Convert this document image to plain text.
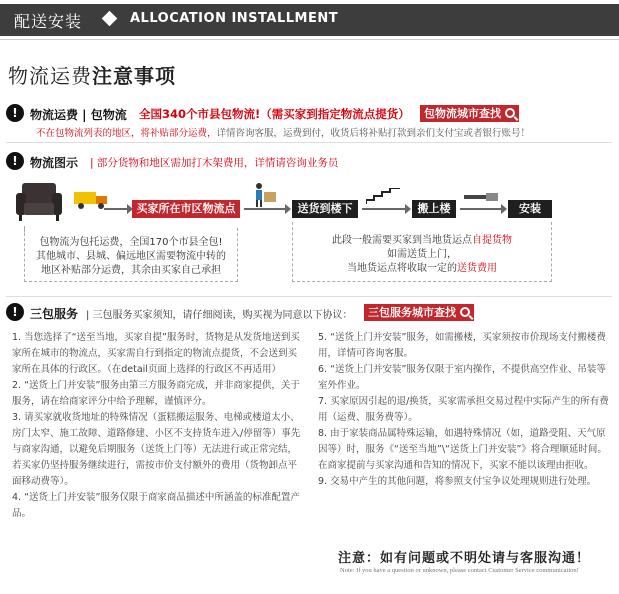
配送安装	ALLOCATION INSTALLMENT
物流运费注意事项
!	物流运费 | 包物流 全国340个市县包物流!（需买家到指定物流点提货）	包物流城市查找
不在包物流列表的地区，将补贴部分运费，详情咨询客服，运费到付，收货后将补贴打款到亲们支付宝或者银行账号！
!	物流图示 | 部分货物和地区需加打木架费用，详情请咨询业务员
买家所在市区物流点	送货到楼下	搬上楼	安装
包物流为包托运费，全国170个市县全包!
其他城市、县城、偏远地区需要物流中转的
地区补贴部分运费，其余由买家自己承担
此段一般需要买家到当地货运点自提货物
如需送货上门，
当地货运点将收取一定的送货费用
!	三包服务 | 三包服务买家须知，请仔细阅读，购买视为同意以下协议：	三包服务城市查找

1. 当您选择了“送至当地，买家自提”服务时，货物是从发货地送到买家所在城市的物流点，买家需自行到指定的物流点提货，不会送到买家所在具体的行政区。（在detail页面上选择的行政区不再适用）

2. “送货上门并安装”服务由第三方服务商完成，并非商家提供，关于服务，请在给商家评分中给予理解，谨慎评分。

3. 请买家就收货地址的特殊情况（蛋糕搬运服务、电梯或楼道太小、房门太窄、施工故障、道路修建、小区不支持货车进入/停留等）事先与商家沟通，以避免后期服务（送货上门等）无法进行或正常完结，若买家仍坚持服务继续进行，需按市价支付额外的费用（货物卸点平面移动费等）。

4. “送货上门并安装”服务仅限于商家商品描述中所涵盖的标准配置产品。

5. “送货上门并安装”服务，如需搬楼，买家须按市价现场支付搬楼费用，详情可咨询客服。

6. “送货上门并安装”服务仅限于室内操作，不提供高空作业、吊装等室外作业。

7. 买家原因引起的退/换货，买家需承担交易过程中实际产生的所有费用（运费、服务费等）。

8. 由于家装商品属特殊运输，如遇特殊情况（如，道路受阻、天气原因等）时，服务《“送至当地”\“送货上门并安装”》将合理顺延时间。在商家提前与买家沟通和告知的情况下，买家不能以该理由拒收。

9. 交易中产生的其他问题，将参照支付宝争议处理规则进行处理。

注意：如有问题或不明处请与客服沟通！
Note: If you have a question or unknown, please contact Customer Service communication!
